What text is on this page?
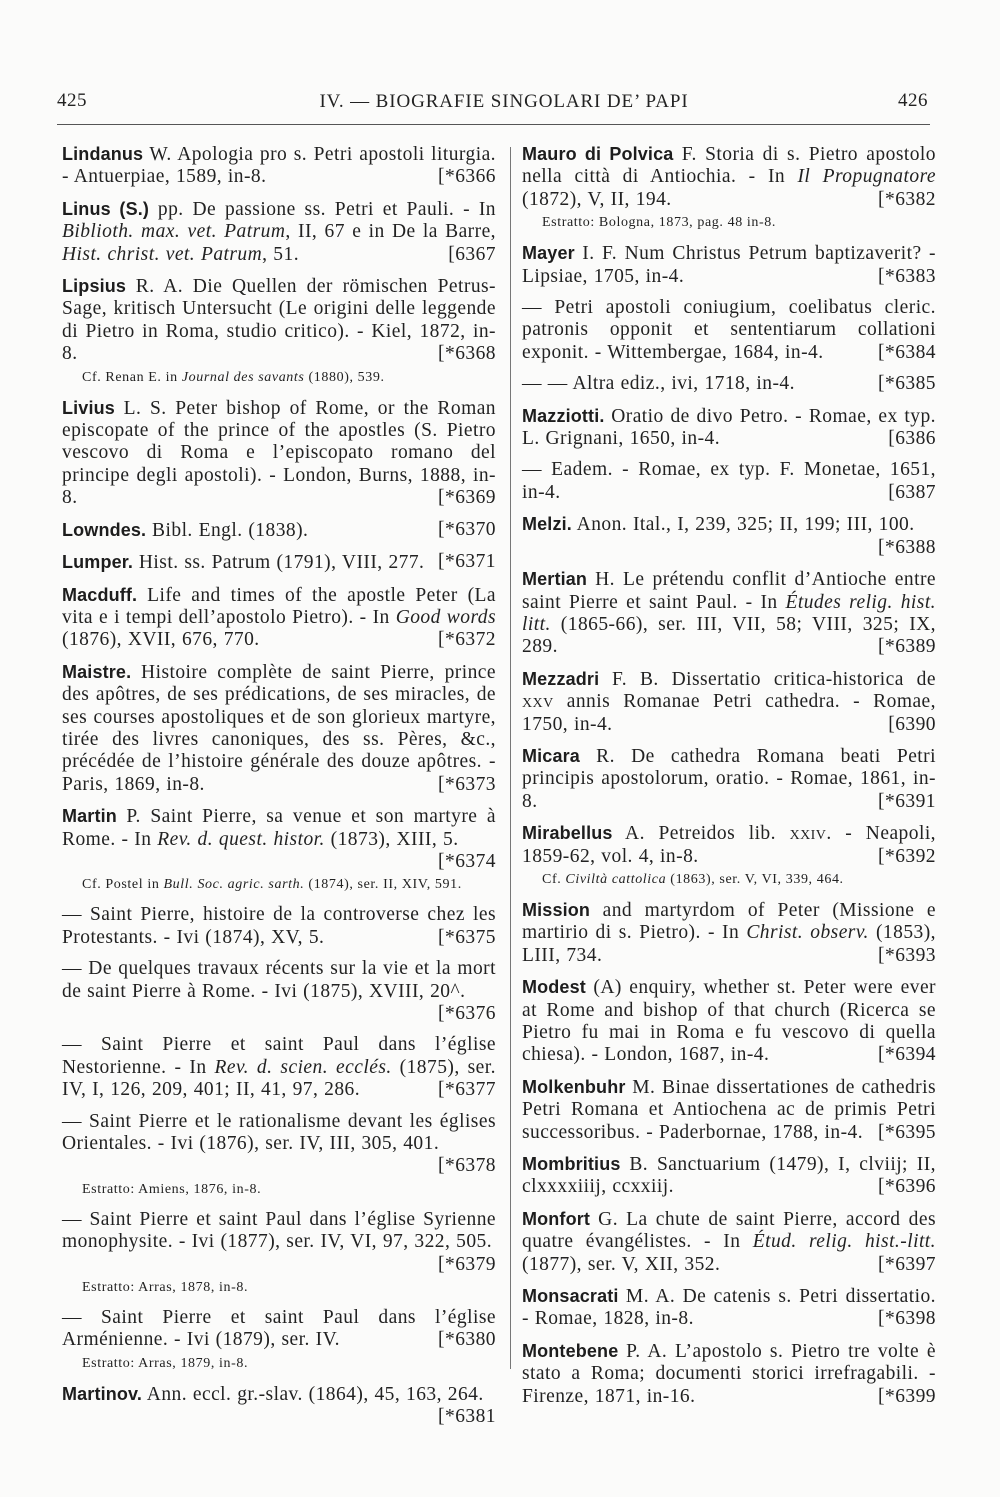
425	IV. — BIOGRAFIE SINGOLARI DE’ PAPI	426

Lindanus W. Apologia pro s. Petri apostoli liturgia. - Antuerpiae, 1589, in-8.	[*6366

Linus (S.) pp. De passione ss. Petri et Pauli. - In Biblioth. max. vet. Patrum, II, 67 e in De la Barre, Hist. christ. vet. Patrum, 51.	[6367

Lipsius R. A. Die Quellen der römischen Petrus-Sage, kritisch Untersucht (Le origini delle leggende di Pietro in Roma, studio critico). - Kiel, 1872, in-8.	[*6368

Cf. Renan E. in Journal des savants (1880), 539.

Livius L. S. Peter bishop of Rome, or the Roman episcopate of the prince of the apostles (S. Pietro vescovo di Roma e l’episcopato romano del principe degli apostoli). - London, Burns, 1888, in-8.	[*6369

Lowndes. Bibl. Engl. (1838).	[*6370

Lumper. Hist. ss. Patrum (1791), VIII, 277. [*6371

Macduff. Life and times of the apostle Peter (La vita e i tempi dell’apostolo Pietro). - In Good words (1876), XVII, 676, 770.	[*6372

Maistre. Histoire complète de saint Pierre, prince des apôtres, de ses prédications, de ses miracles, de ses courses apostoliques et de son glorieux martyre, tirée des livres canoniques, des ss. Pères, &c., précédée de l’histoire générale des douze apôtres. - Paris, 1869, in-8.	[*6373

Martin P. Saint Pierre, sa venue et son martyre à Rome. - In Rev. d. quest. histor. (1873), XIII, 5.
[*6374

Cf. Postel in Bull. Soc. agric. sarth. (1874), ser. II, XIV, 591.

— Saint Pierre, histoire de la controverse chez les Protestants. - Ivi (1874), XV, 5.	[*6375

— De quelques travaux récents sur la vie et la mort de saint Pierre à Rome. - Ivi (1875), XVIII, 20^.
[*6376

— Saint Pierre et saint Paul dans l’église Nestorienne. - In Rev. d. scien. ecclés. (1875), ser. IV, I, 126, 209, 401; II, 41, 97, 286.	[*6377

— Saint Pierre et le rationalisme devant les églises Orientales. - Ivi (1876), ser. IV, III, 305, 401.
[*6378

Estratto: Amiens, 1876, in-8.

— Saint Pierre et saint Paul dans l’église Syrienne monophysite. - Ivi (1877), ser. IV, VI, 97, 322, 505.
[*6379

Estratto: Arras, 1878, in-8.

— Saint Pierre et saint Paul dans l’église Arménienne. - Ivi (1879), ser. IV.	[*6380

Estratto: Arras, 1879, in-8.

Martinov. Ann. eccl. gr.-slav. (1864), 45, 163, 264.
[*6381

Mauro di Polvica F. Storia di s. Pietro apostolo nella città di Antiochia. - In Il Propugnatore (1872), V, II, 194.	[*6382

Estratto: Bologna, 1873, pag. 48 in-8.

Mayer I. F. Num Christus Petrum baptizaverit? - Lipsiae, 1705, in-4.	[*6383

— Petri apostoli coniugium, coelibatus cleric. patronis opponit et sententiarum collationi exponit. - Wittembergae, 1684, in-4.	[*6384

— — Altra ediz., ivi, 1718, in-4.	[*6385

Mazziotti. Oratio de divo Petro. - Romae, ex typ. L. Grignani, 1650, in-4.	[6386

— Eadem. - Romae, ex typ. F. Monetae, 1651, in-4.	[6387

Melzi. Anon. Ital., I, 239, 325; II, 199; III, 100.
[*6388

Mertian H. Le prétendu conflit d’Antioche entre saint Pierre et saint Paul. - In Études relig. hist. litt. (1865-66), ser. III, VII, 58; VIII, 325; IX, 289.	[*6389

Mezzadri F. B. Dissertatio critica-historica de xxv annis Romanae Petri cathedra. - Romae, 1750, in-4.	[6390

Micara R. De cathedra Romana beati Petri principis apostolorum, oratio. - Romae, 1861, in-8.	[*6391

Mirabellus A. Petreidos lib. xxiv. - Neapoli, 1859-62, vol. 4, in-8.	[*6392

Cf. Civiltà cattolica (1863), ser. V, VI, 339, 464.

Mission and martyrdom of Peter (Missione e martirio di s. Pietro). - In Christ. observ. (1853), LIII, 734.	[*6393

Modest (A) enquiry, whether st. Peter were ever at Rome and bishop of that church (Ricerca se Pietro fu mai in Roma e fu vescovo di quella chiesa). - London, 1687, in-4.	[*6394

Molkenbuhr M. Binae dissertationes de cathedris Petri Romana et Antiochena ac de primis Petri successoribus. - Paderbornae, 1788, in-4. [*6395

Mombritius B. Sanctuarium (1479), I, clviij; II, clxxxxiiij, ccxxiij.	[*6396

Monfort G. La chute de saint Pierre, accord des quatre évangélistes. - In Étud. relig. hist.-litt. (1877), ser. V, XII, 352.	[*6397

Monsacrati M. A. De catenis s. Petri dissertatio. - Romae, 1828, in-8.	[*6398

Montebene P. A. L’apostolo s. Pietro tre volte è stato a Roma; documenti storici irrefragabili. - Firenze, 1871, in-16.	[*6399
